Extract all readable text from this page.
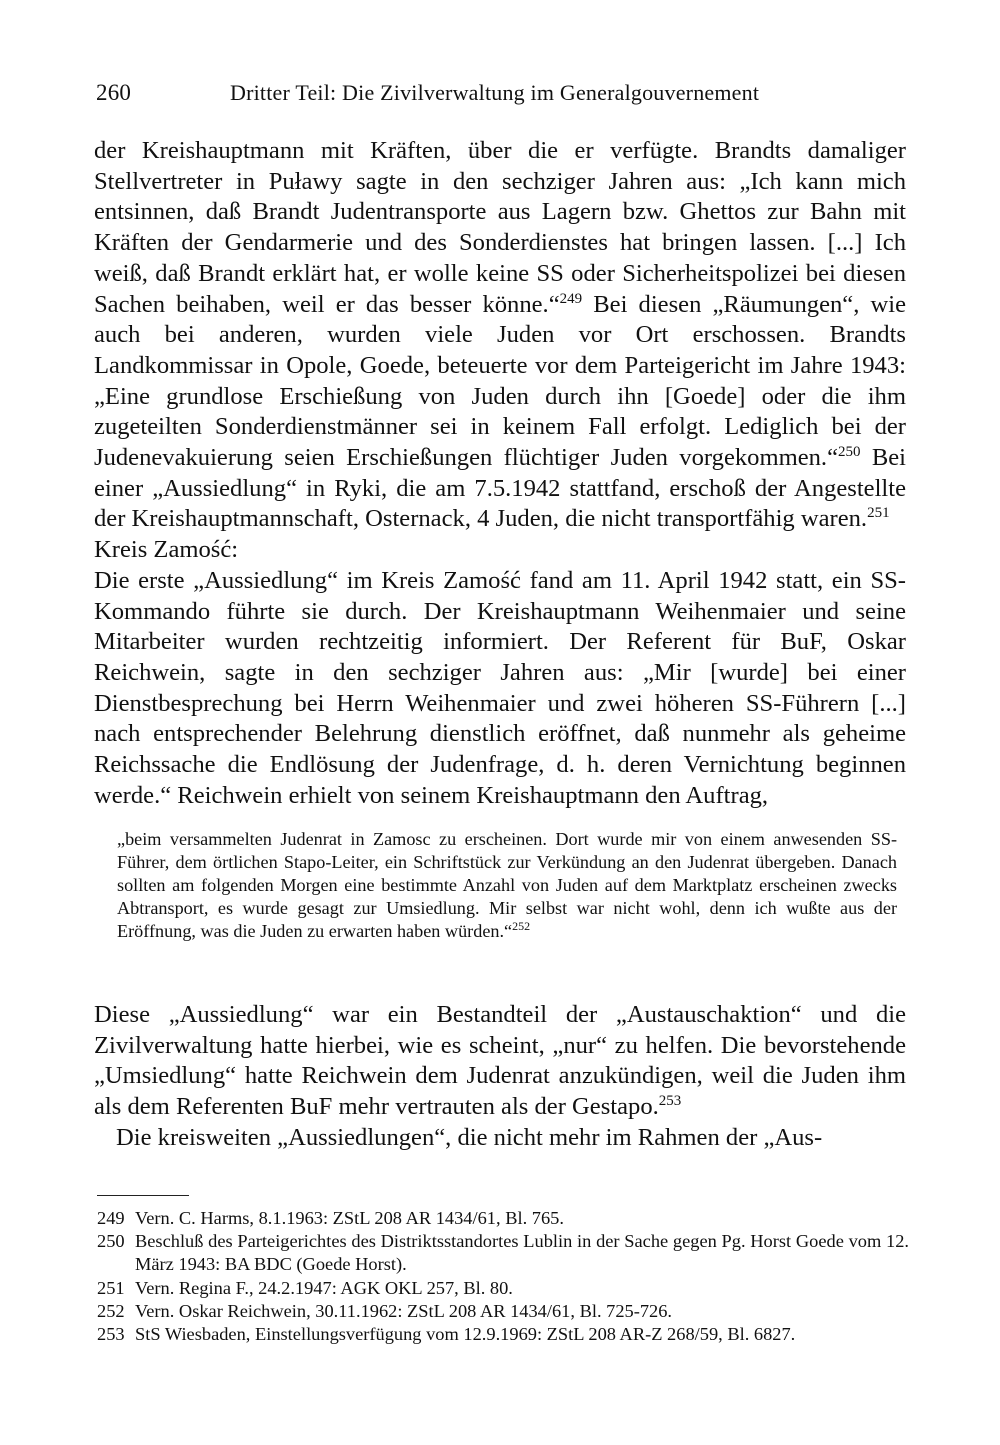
260	Dritter Teil: Die Zivilverwaltung im Generalgouvernement

der Kreishauptmann mit Kräften, über die er verfügte. Brandts damaliger Stellvertreter in Puławy sagte in den sechziger Jahren aus: „Ich kann mich entsinnen, daß Brandt Judentransporte aus Lagern bzw. Ghettos zur Bahn mit Kräften der Gendarmerie und des Sonderdienstes hat bringen lassen. [...] Ich weiß, daß Brandt erklärt hat, er wolle keine SS oder Sicherheitspolizei bei diesen Sachen beihaben, weil er das besser könne.“$^{249}$ Bei diesen „Räumungen“, wie auch bei anderen, wurden viele Juden vor Ort erschossen. Brandts Landkommissar in Opole, Goede, beteuerte vor dem Parteigericht im Jahre 1943: „Eine grundlose Erschießung von Juden durch ihn [Goede] oder die ihm zugeteilten Sonderdienstmänner sei in keinem Fall erfolgt. Lediglich bei der Judenevakuierung seien Erschießungen flüchtiger Juden vorgekommen.“$^{250}$ Bei einer „Aussiedlung“ in Ryki, die am 7.5.1942 stattfand, erschoß der Angestellte der Kreishauptmannschaft, Osternack, 4 Juden, die nicht transportfähig waren.$^{251}$

Kreis Zamość:

Die erste „Aussiedlung“ im Kreis Zamość fand am 11. April 1942 statt, ein SS-Kommando führte sie durch. Der Kreishauptmann Weihenmaier und seine Mitarbeiter wurden rechtzeitig informiert. Der Referent für BuF, Oskar Reichwein, sagte in den sechziger Jahren aus: „Mir [wurde] bei einer Dienstbesprechung bei Herrn Weihenmaier und zwei höheren SS-Führern [...] nach entsprechender Belehrung dienstlich eröffnet, daß nunmehr als geheime Reichssache die Endlösung der Judenfrage, d. h. deren Vernichtung beginnen werde.“ Reichwein erhielt von seinem Kreishauptmann den Auftrag,

„beim versammelten Judenrat in Zamosc zu erscheinen. Dort wurde mir von einem anwesenden SS-Führer, dem örtlichen Stapo-Leiter, ein Schriftstück zur Verkündung an den Judenrat übergeben. Danach sollten am folgenden Morgen eine bestimmte Anzahl von Juden auf dem Marktplatz erscheinen zwecks Abtransport, es wurde gesagt zur Umsiedlung. Mir selbst war nicht wohl, denn ich wußte aus der Eröffnung, was die Juden zu erwarten haben würden.“$^{252}$

Diese „Aussiedlung“ war ein Bestandteil der „Austauschaktion“ und die Zivilverwaltung hatte hierbei, wie es scheint, „nur“ zu helfen. Die bevorstehende „Umsiedlung“ hatte Reichwein dem Judenrat anzukündigen, weil die Juden ihm als dem Referenten BuF mehr vertrauten als der Gestapo.$^{253}$

Die kreisweiten „Aussiedlungen“, die nicht mehr im Rahmen der „Aus-

249 Vern. C. Harms, 8.1.1963: ZStL 208 AR 1434/61, Bl. 765.

250 Beschluß des Parteigerichtes des Distriktsstandortes Lublin in der Sache gegen Pg. Horst Goede vom 12. März 1943: BA BDC (Goede Horst).

251 Vern. Regina F., 24.2.1947: AGK OKL 257, Bl. 80.

252 Vern. Oskar Reichwein, 30.11.1962: ZStL 208 AR 1434/61, Bl. 725-726.

253 StS Wiesbaden, Einstellungsverfügung vom 12.9.1969: ZStL 208 AR-Z 268/59, Bl. 6827.
